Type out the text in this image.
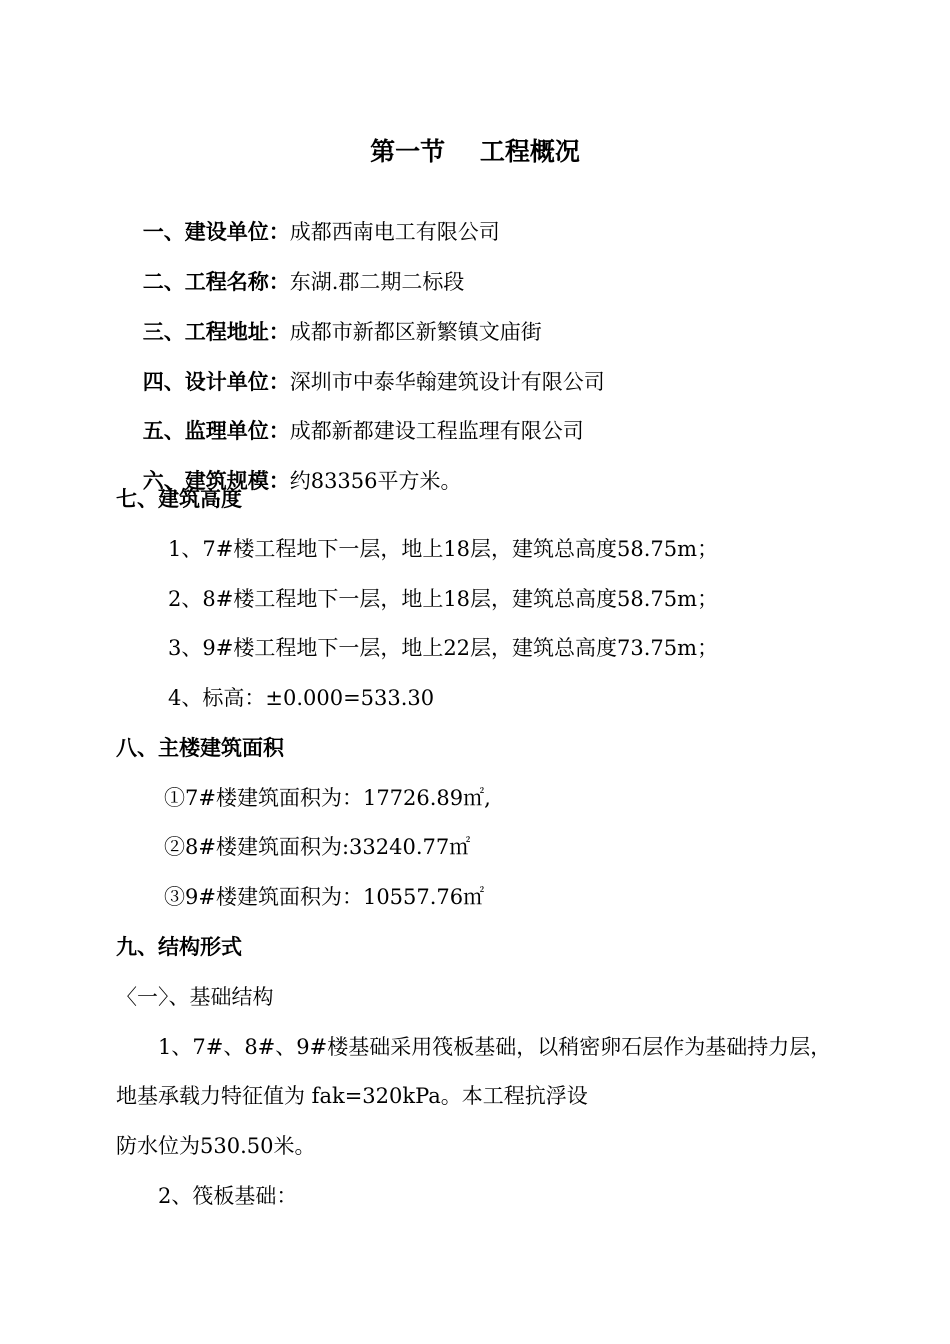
第一节    工程概况

一、建设单位：成都西南电工有限公司

二、工程名称：东湖.郡二期二标段

三、工程地址：成都市新都区新繁镇文庙街

四、设计单位：深圳市中泰华翰建筑设计有限公司

五、监理单位：成都新都建设工程监理有限公司

六、建筑规模：约83356平方米。

七、建筑高度
1、7#楼工程地下一层，地上18层，建筑总高度58.75m；
2、8#楼工程地下一层，地上18层，建筑总高度58.75m；
3、9#楼工程地下一层，地上22层，建筑总高度73.75m；
4、标高：±0.000=533.30
八、主楼建筑面积
①7#楼建筑面积为：17726.89㎡,
②8#楼建筑面积为:33240.77㎡
③9#楼建筑面积为：10557.76㎡
九、结构形式
〈一〉、基础结构
1、7#、8#、9#楼基础采用筏板基础，以稍密卵石层作为基础持力层，
地基承载力特征值为 fak=320kPa。本工程抗浮设
防水位为530.50米。
2、筏板基础：
